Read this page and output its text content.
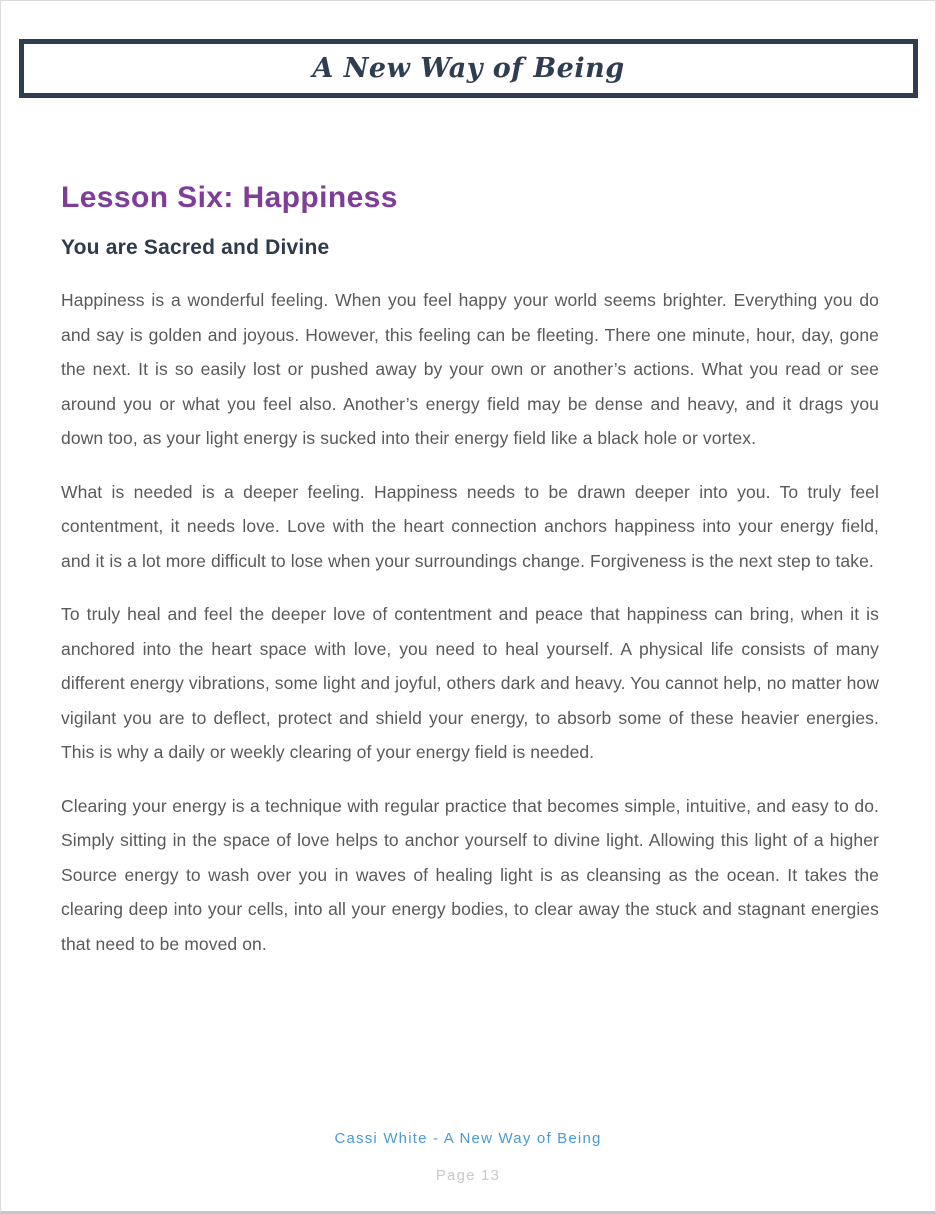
A New Way of Being
Lesson Six: Happiness
You are Sacred and Divine

Happiness is a wonderful feeling. When you feel happy your world seems brighter. Everything you do and say is golden and joyous. However, this feeling can be fleeting. There one minute, hour, day, gone the next. It is so easily lost or pushed away by your own or another’s actions. What you read or see around you or what you feel also. Another’s energy field may be dense and heavy, and it drags you down too, as your light energy is sucked into their energy field like a black hole or vortex.

What is needed is a deeper feeling. Happiness needs to be drawn deeper into you. To truly feel contentment, it needs love. Love with the heart connection anchors happiness into your energy field, and it is a lot more difficult to lose when your surroundings change. Forgiveness is the next step to take.

To truly heal and feel the deeper love of contentment and peace that happiness can bring, when it is anchored into the heart space with love, you need to heal yourself. A physical life consists of many different energy vibrations, some light and joyful, others dark and heavy. You cannot help, no matter how vigilant you are to deflect, protect and shield your energy, to absorb some of these heavier energies. This is why a daily or weekly clearing of your energy field is needed.

Clearing your energy is a technique with regular practice that becomes simple, intuitive, and easy to do. Simply sitting in the space of love helps to anchor yourself to divine light. Allowing this light of a higher Source energy to wash over you in waves of healing light is as cleansing as the ocean. It takes the clearing deep into your cells, into all your energy bodies, to clear away the stuck and stagnant energies that need to be moved on.

Cassi White - A New Way of Being
Page 13
